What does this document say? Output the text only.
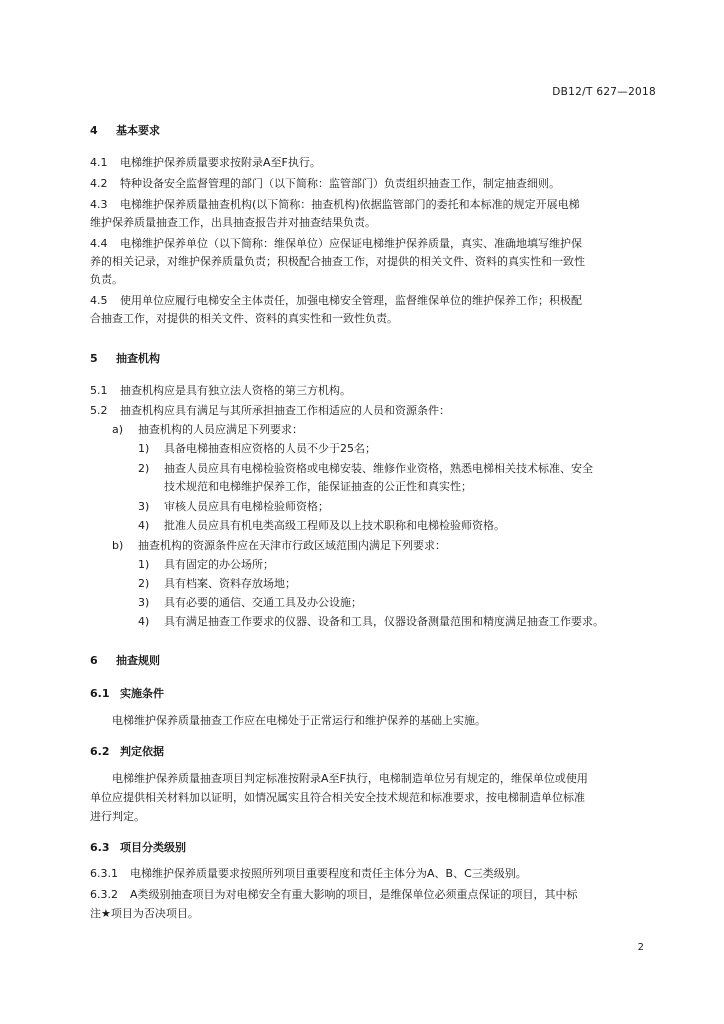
DB12/T 627—2018
4 基本要求
4.1 电梯维护保养质量要求按附录A至F执行。
4.2 特种设备安全监督管理的部门（以下简称：监管部门）负责组织抽查工作，制定抽查细则。
4.3 电梯维护保养质量抽查机构(以下简称：抽查机构)依据监管部门的委托和本标准的规定开展电梯
维护保养质量抽查工作，出具抽查报告并对抽查结果负责。
4.4 电梯维护保养单位（以下简称：维保单位）应保证电梯维护保养质量，真实、准确地填写维护保
养的相关记录，对维护保养质量负责；积极配合抽查工作，对提供的相关文件、资料的真实性和一致性
负责。
4.5 使用单位应履行电梯安全主体责任，加强电梯安全管理，监督维保单位的维护保养工作；积极配
合抽查工作，对提供的相关文件、资料的真实性和一致性负责。
5 抽查机构
5.1 抽查机构应是具有独立法人资格的第三方机构。
5.2 抽查机构应具有满足与其所承担抽查工作相适应的人员和资源条件：
a) 抽查机构的人员应满足下列要求：
1) 具备电梯抽查相应资格的人员不少于25名；
2) 抽查人员应具有电梯检验资格或电梯安装、维修作业资格，熟悉电梯相关技术标准、安全
技术规范和电梯维护保养工作，能保证抽查的公正性和真实性；
3) 审核人员应具有电梯检验师资格；
4) 批准人员应具有机电类高级工程师及以上技术职称和电梯检验师资格。
b) 抽查机构的资源条件应在天津市行政区域范围内满足下列要求：
1) 具有固定的办公场所；
2) 具有档案、资料存放场地；
3) 具有必要的通信、交通工具及办公设施；
4) 具有满足抽查工作要求的仪器、设备和工具，仪器设备测量范围和精度满足抽查工作要求。
6 抽查规则
6.1 实施条件
电梯维护保养质量抽查工作应在电梯处于正常运行和维护保养的基础上实施。
6.2 判定依据
电梯维护保养质量抽查项目判定标准按附录A至F执行，电梯制造单位另有规定的，维保单位或使用
单位应提供相关材料加以证明，如情况属实且符合相关安全技术规范和标准要求，按电梯制造单位标准
进行判定。
6.3 项目分类级别
6.3.1 电梯维护保养质量要求按照所列项目重要程度和责任主体分为A、B、C三类级别。
6.3.2 A类级别抽查项目为对电梯安全有重大影响的项目，是维保单位必须重点保证的项目，其中标
注★项目为否决项目。
2
